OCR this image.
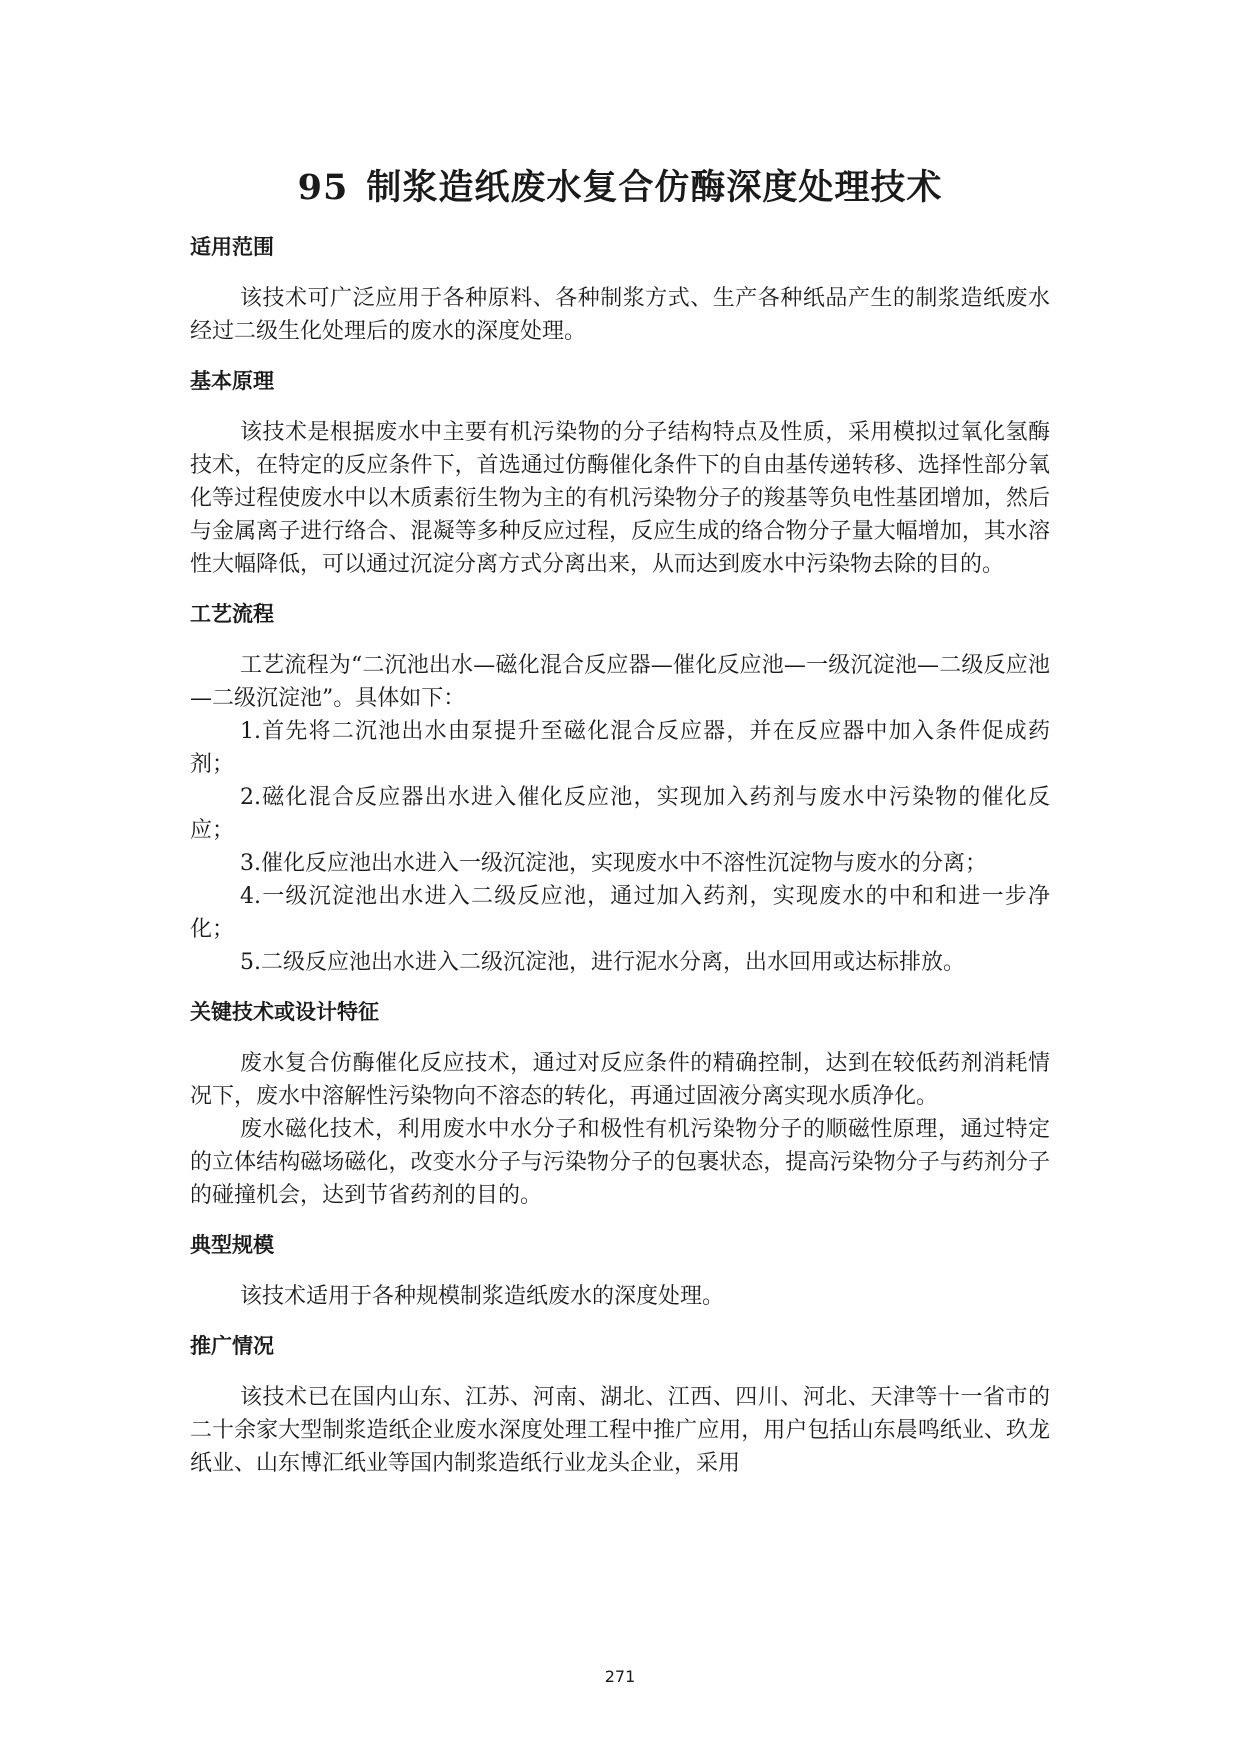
95 制浆造纸废水复合仿酶深度处理技术
适用范围

该技术可广泛应用于各种原料、各种制浆方式、生产各种纸品产生的制浆造纸废水经过二级生化处理后的废水的深度处理。

基本原理

该技术是根据废水中主要有机污染物的分子结构特点及性质，采用模拟过氧化氢酶技术，在特定的反应条件下，首选通过仿酶催化条件下的自由基传递转移、选择性部分氧化等过程使废水中以木质素衍生物为主的有机污染物分子的羧基等负电性基团增加，然后与金属离子进行络合、混凝等多种反应过程，反应生成的络合物分子量大幅增加，其水溶性大幅降低，可以通过沉淀分离方式分离出来，从而达到废水中污染物去除的目的。

工艺流程

工艺流程为“二沉池出水—磁化混合反应器—催化反应池—一级沉淀池—二级反应池—二级沉淀池”。具体如下：

1.首先将二沉池出水由泵提升至磁化混合反应器，并在反应器中加入条件促成药剂；

2.磁化混合反应器出水进入催化反应池，实现加入药剂与废水中污染物的催化反应；

3.催化反应池出水进入一级沉淀池，实现废水中不溶性沉淀物与废水的分离；

4.一级沉淀池出水进入二级反应池，通过加入药剂，实现废水的中和和进一步净化；

5.二级反应池出水进入二级沉淀池，进行泥水分离，出水回用或达标排放。

关键技术或设计特征

废水复合仿酶催化反应技术，通过对反应条件的精确控制，达到在较低药剂消耗情况下，废水中溶解性污染物向不溶态的转化，再通过固液分离实现水质净化。

废水磁化技术，利用废水中水分子和极性有机污染物分子的顺磁性原理，通过特定的立体结构磁场磁化，改变水分子与污染物分子的包裹状态，提高污染物分子与药剂分子的碰撞机会，达到节省药剂的目的。

典型规模

该技术适用于各种规模制浆造纸废水的深度处理。

推广情况

该技术已在国内山东、江苏、河南、湖北、江西、四川、河北、天津等十一省市的二十余家大型制浆造纸企业废水深度处理工程中推广应用，用户包括山东晨鸣纸业、玖龙纸业、山东博汇纸业等国内制浆造纸行业龙头企业，采用

271
